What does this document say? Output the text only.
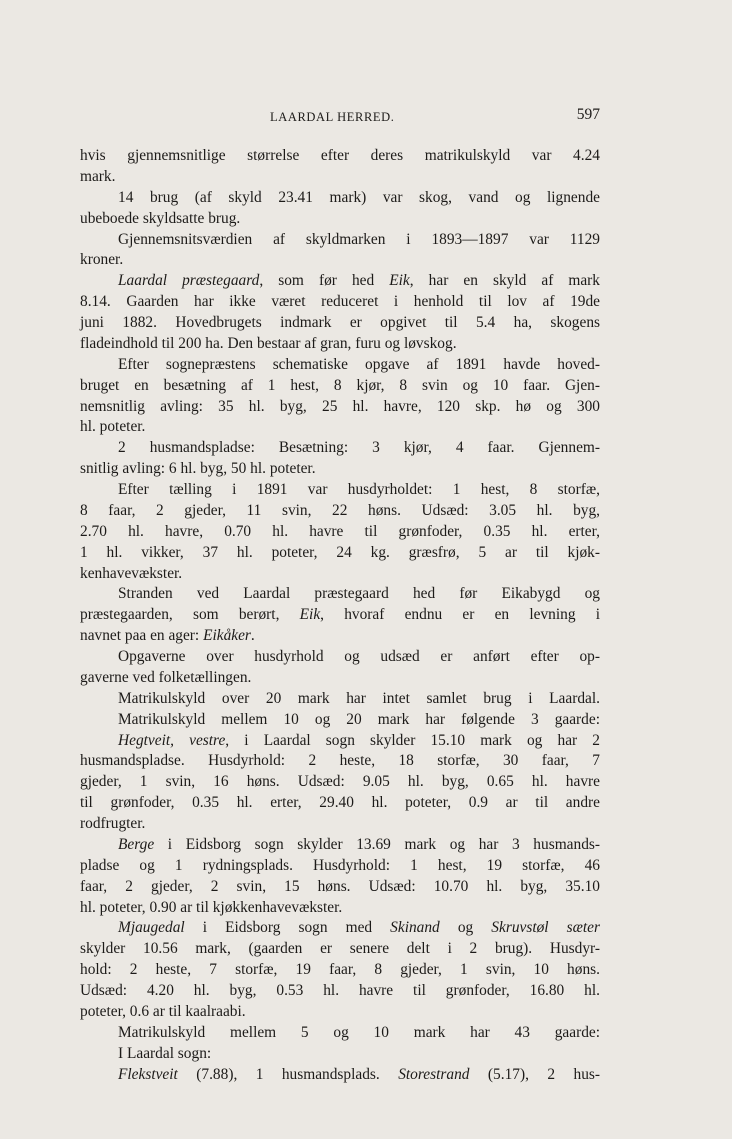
LAARDAL HERRED.	597
hvis gjennemsnitlige størrelse efter deres matrikulskyld var 4.24
mark.
14 brug (af skyld 23.41 mark) var skog, vand og lignende
ubeboede skyldsatte brug.
Gjennemsnitsværdien af skyldmarken i 1893—1897 var 1129
kroner.
Laardal præstegaard, som før hed Eik, har en skyld af mark
8.14. Gaarden har ikke været reduceret i henhold til lov af 19de
juni 1882. Hovedbrugets indmark er opgivet til 5.4 ha, skogens
fladeindhold til 200 ha. Den bestaar af gran, furu og løvskog.
Efter sognepræstens schematiske opgave af 1891 havde hoved-
bruget en besætning af 1 hest, 8 kjør, 8 svin og 10 faar. Gjen-
nemsnitlig avling: 35 hl. byg, 25 hl. havre, 120 skp. hø og 300
hl. poteter.
2 husmandspladse: Besætning: 3 kjør, 4 faar. Gjennem-
snitlig avling: 6 hl. byg, 50 hl. poteter.
Efter tælling i 1891 var husdyrholdet: 1 hest, 8 storfæ,
8 faar, 2 gjeder, 11 svin, 22 høns. Udsæd: 3.05 hl. byg,
2.70 hl. havre, 0.70 hl. havre til grønfoder, 0.35 hl. erter,
1 hl. vikker, 37 hl. poteter, 24 kg. græsfrø, 5 ar til kjøk-
kenhavevækster.
Stranden ved Laardal præstegaard hed før Eikabygd og
præstegaarden, som berørt, Eik, hvoraf endnu er en levning i
navnet paa en ager: Eikåker.
Opgaverne over husdyrhold og udsæd er anført efter op-
gaverne ved folketællingen.
Matrikulskyld over 20 mark har intet samlet brug i Laardal.
Matrikulskyld mellem 10 og 20 mark har følgende 3 gaarde:
Hegtveit, vestre, i Laardal sogn skylder 15.10 mark og har 2
husmandspladse. Husdyrhold: 2 heste, 18 storfæ, 30 faar, 7
gjeder, 1 svin, 16 høns. Udsæd: 9.05 hl. byg, 0.65 hl. havre
til grønfoder, 0.35 hl. erter, 29.40 hl. poteter, 0.9 ar til andre
rodfrugter.
Berge i Eidsborg sogn skylder 13.69 mark og har 3 husmands-
pladse og 1 rydningsplads. Husdyrhold: 1 hest, 19 storfæ, 46
faar, 2 gjeder, 2 svin, 15 høns. Udsæd: 10.70 hl. byg, 35.10
hl. poteter, 0.90 ar til kjøkkenhavevækster.
Mjaugedal i Eidsborg sogn med Skinand og Skruvstøl sæter
skylder 10.56 mark, (gaarden er senere delt i 2 brug). Husdyr-
hold: 2 heste, 7 storfæ, 19 faar, 8 gjeder, 1 svin, 10 høns.
Udsæd: 4.20 hl. byg, 0.53 hl. havre til grønfoder, 16.80 hl.
poteter, 0.6 ar til kaalraabi.
Matrikulskyld mellem 5 og 10 mark har 43 gaarde:
I Laardal sogn:
Flekstveit (7.88), 1 husmandsplads. Storestrand (5.17), 2 hus-
